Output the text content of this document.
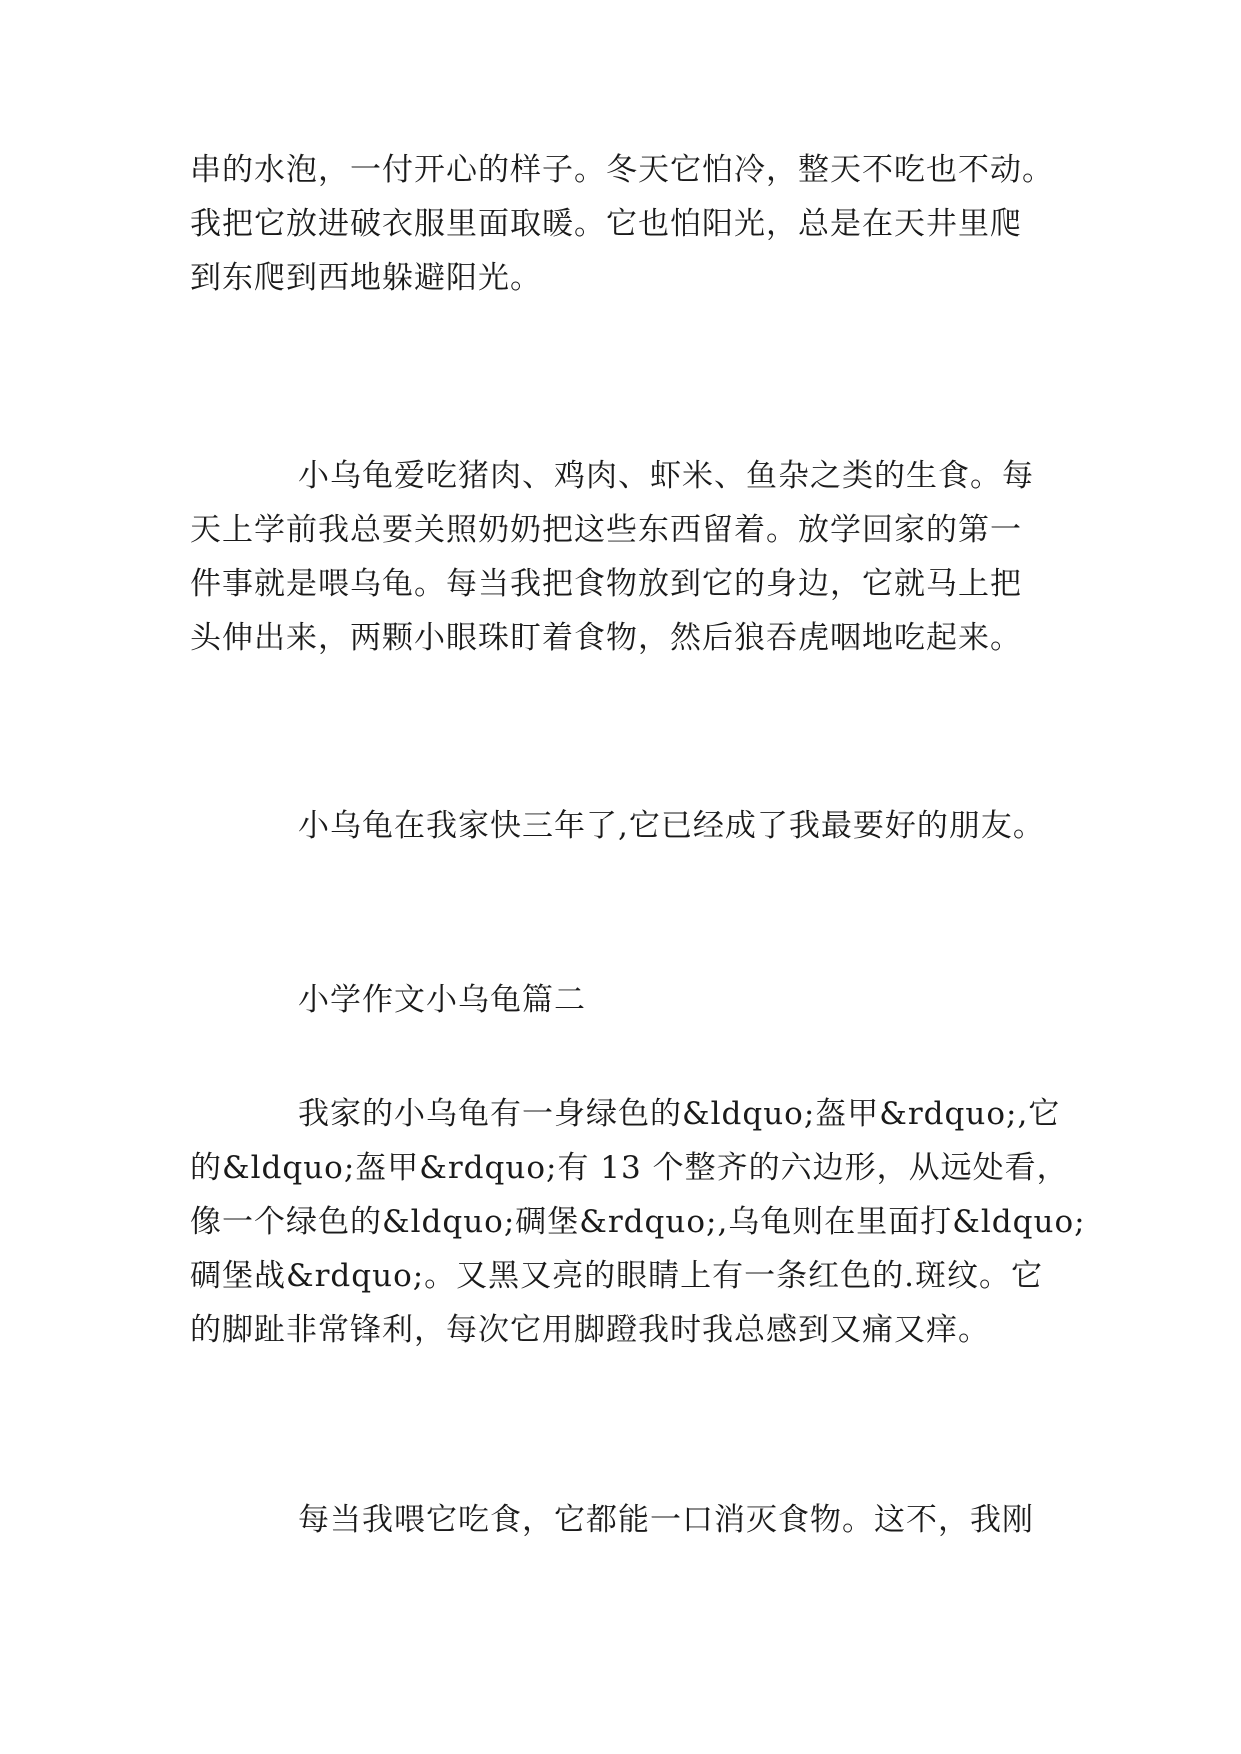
串的水泡，一付开心的样子。冬天它怕冷，整天不吃也不动。
我把它放进破衣服里面取暖。它也怕阳光，总是在天井里爬
到东爬到西地躲避阳光。
小乌龟爱吃猪肉、鸡肉、虾米、鱼杂之类的生食。每
天上学前我总要关照奶奶把这些东西留着。放学回家的第一
件事就是喂乌龟。每当我把食物放到它的身边，它就马上把
头伸出来，两颗小眼珠盯着食物，然后狼吞虎咽地吃起来。
小乌龟在我家快三年了,它已经成了我最要好的朋友。
小学作文小乌龟篇二
我家的小乌龟有一身绿色的&ldquo;盔甲&rdquo;,它
的&ldquo;盔甲&rdquo;有 13 个整齐的六边形，从远处看，
像一个绿色的&ldquo;碉堡&rdquo;,乌龟则在里面打&ldquo;
碉堡战&rdquo;。又黑又亮的眼睛上有一条红色的.斑纹。它
的脚趾非常锋利，每次它用脚蹬我时我总感到又痛又痒。
每当我喂它吃食，它都能一口消灭食物。这不，我刚
